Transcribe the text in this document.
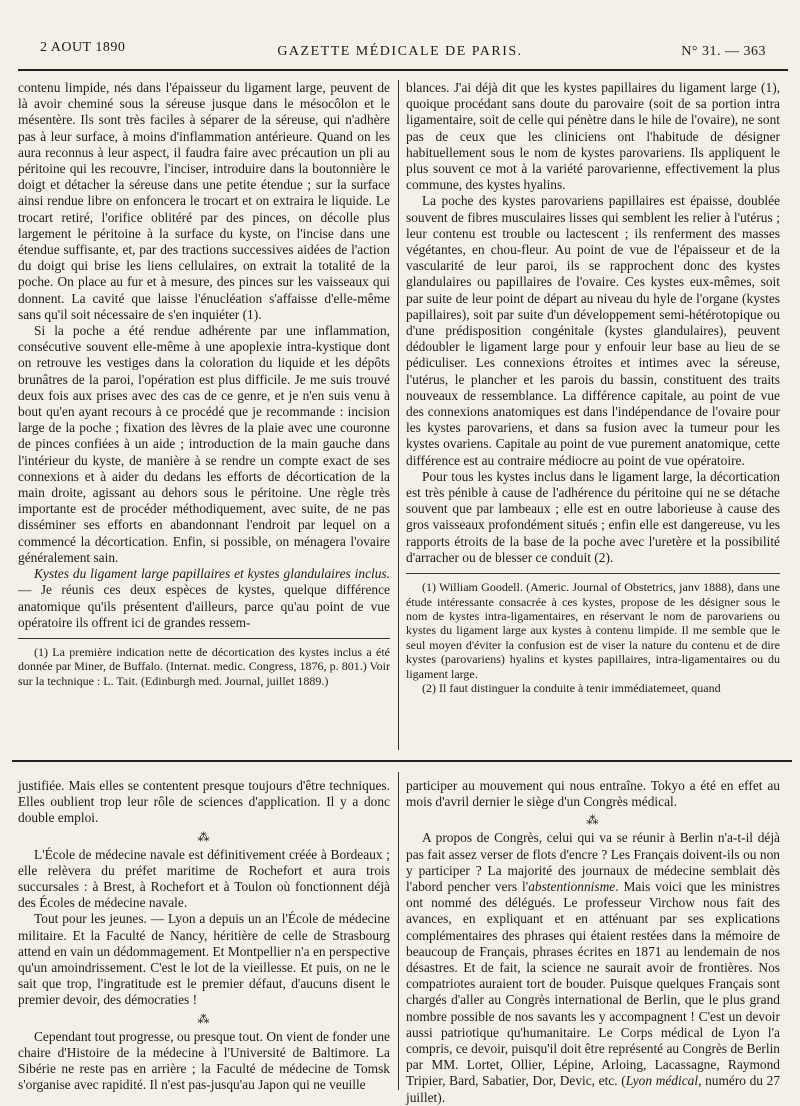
2 AOUT 1890	GAZETTE MÉDICALE DE PARIS.	N° 31. — 363

contenu limpide, nés dans l'épaisseur du ligament large, peuvent de là avoir cheminé sous la séreuse jusque dans le mésocôlon et le mésentère. Ils sont très faciles à séparer de la séreuse, qui n'adhère pas à leur surface, à moins d'inflammation antérieure. Quand on les aura reconnus à leur aspect, il faudra faire avec précaution un pli au péritoine qui les recouvre, l'inciser, introduire dans la boutonnière le doigt et détacher la séreuse dans une petite étendue ; sur la surface ainsi rendue libre on enfoncera le trocart et on extraira le liquide. Le trocart retiré, l'orifice oblitéré par des pinces, on décolle plus largement le péritoine à la surface du kyste, on l'incise dans une étendue suffisante, et, par des tractions successives aidées de l'action du doigt qui brise les liens cellulaires, on extrait la totalité de la poche. On place au fur et à mesure, des pinces sur les vaisseaux qui donnent. La cavité que laisse l'énucléation s'affaisse d'elle-même sans qu'il soit nécessaire de s'en inquiéter (1).

Si la poche a été rendue adhérente par une inflammation, consécutive souvent elle-même à une apoplexie intra-kystique dont on retrouve les vestiges dans la coloration du liquide et les dépôts brunâtres de la paroi, l'opération est plus difficile. Je me suis trouvé deux fois aux prises avec des cas de ce genre, et je n'en suis venu à bout qu'en ayant recours à ce procédé que je recommande : incision large de la poche ; fixation des lèvres de la plaie avec une couronne de pinces confiées à un aide ; introduction de la main gauche dans l'intérieur du kyste, de manière à se rendre un compte exact de ses connexions et à aider du dedans les efforts de décortication de la main droite, agissant au dehors sous le péritoine. Une règle très importante est de procéder méthodiquement, avec suite, de ne pas disséminer ses efforts en abandonnant l'endroit par lequel on a commencé la décortication. Enfin, si possible, on ménagera l'ovaire généralement sain.

Kystes du ligament large papillaires et kystes glandulaires inclus. — Je réunis ces deux espèces de kystes, quelque différence anatomique qu'ils présentent d'ailleurs, parce qu'au point de vue opératoire ils offrent ici de grandes ressem-

(1) La première indication nette de décortication des kystes inclus a été donnée par Miner, de Buffalo. (Internat. medic. Congress, 1876, p. 801.) Voir sur la technique : L. Tait. (Edinburgh med. Journal, juillet 1889.)

blances. J'ai déjà dit que les kystes papillaires du ligament large (1), quoique procédant sans doute du parovaire (soit de sa portion intra ligamentaire, soit de celle qui pénètre dans le hile de l'ovaire), ne sont pas de ceux que les cliniciens ont l'habitude de désigner habituellement sous le nom de kystes parovariens. Ils appliquent le plus souvent ce mot à la variété parovarienne, effectivement la plus commune, des kystes hyalins.

La poche des kystes parovariens papillaires est épaisse, doublée souvent de fibres musculaires lisses qui semblent les relier à l'utérus ; leur contenu est trouble ou lactescent ; ils renferment des masses végétantes, en chou-fleur. Au point de vue de l'épaisseur et de la vascularité de leur paroi, ils se rapprochent donc des kystes glandulaires ou papillaires de l'ovaire. Ces kystes eux-mêmes, soit par suite de leur point de départ au niveau du hyle de l'organe (kystes papillaires), soit par suite d'un développement semi-hétérotopique ou d'une prédisposition congénitale (kystes glandulaires), peuvent dédoubler le ligament large pour y enfouir leur base au lieu de se pédiculiser. Les connexions étroites et intimes avec la séreuse, l'utérus, le plancher et les parois du bassin, constituent des traits nouveaux de ressemblance. La différence capitale, au point de vue des connexions anatomiques est dans l'indépendance de l'ovaire pour les kystes parovariens, et dans sa fusion avec la tumeur pour les kystes ovariens. Capitale au point de vue purement anatomique, cette différence est au contraire médiocre au point de vue opératoire.

Pour tous les kystes inclus dans le ligament large, la décortication est très pénible à cause de l'adhérence du péritoine qui ne se détache souvent que par lambeaux ; elle est en outre laborieuse à cause des gros vaisseaux profondément situés ; enfin elle est dangereuse, vu les rapports étroits de la base de la poche avec l'uretère et la possibilité d'arracher ou de blesser ce conduit (2).

(1) William Goodell. (Americ. Journal of Obstetrics, janv 1888), dans une étude intéressante consacrée à ces kystes, propose de les désigner sous le nom de kystes intra-ligamentaires, en réservant le nom de parovariens ou kystes du ligament large aux kystes à contenu limpide. Il me semble que le seul moyen d'éviter la confusion est de viser la nature du contenu et de dire kystes (parovariens) hyalins et kystes papillaires, intra-ligamentaires ou du ligament large.

(2) Il faut distinguer la conduite à tenir immédiatemeet, quand

justifiée. Mais elles se contentent presque toujours d'être techniques. Elles oublient trop leur rôle de sciences d'application. Il y a donc double emploi.

⁂

L'École de médecine navale est définitivement créée à Bordeaux ; elle relèvera du préfet maritime de Rochefort et aura trois succursales : à Brest, à Rochefort et à Toulon où fonctionnent déjà des Écoles de médecine navale.

Tout pour les jeunes. — Lyon a depuis un an l'École de médecine militaire. Et la Faculté de Nancy, héritière de celle de Strasbourg attend en vain un dédommagement. Et Montpellier n'a en perspective qu'un amoindrissement. C'est le lot de la vieillesse. Et puis, on ne le sait que trop, l'ingratitude est le premier défaut, d'aucuns disent le premier devoir, des démocraties !

⁂

Cependant tout progresse, ou presque tout. On vient de fonder une chaire d'Histoire de la médecine à l'Université de Baltimore. La Sibérie ne reste pas en arrière ; la Faculté de médecine de Tomsk s'organise avec rapidité. Il n'est pas-jusqu'au Japon qui ne veuille

participer au mouvement qui nous entraîne. Tokyo a été en effet au mois d'avril dernier le siège d'un Congrès médical.

⁂

A propos de Congrès, celui qui va se réunir à Berlin n'a-t-il déjà pas fait assez verser de flots d'encre ? Les Français doivent-ils ou non y participer ? La majorité des journaux de médecine semblait dès l'abord pencher vers l'abstentionnisme. Mais voici que les ministres ont nommé des délégués. Le professeur Virchow nous fait des avances, en expliquant et en atténuant par ses explications complémentaires des phrases qui étaient restées dans la mémoire de beaucoup de Français, phrases écrites en 1871 au lendemain de nos désastres. Et de fait, la science ne saurait avoir de frontières. Nos compatriotes auraient tort de bouder. Puisque quelques Français sont chargés d'aller au Congrès international de Berlin, que le plus grand nombre possible de nos savants les y accompagnent ! C'est un devoir aussi patriotique qu'humanitaire. Le Corps médical de Lyon l'a compris, ce devoir, puisqu'il doit être représenté au Congrès de Berlin par MM. Lortet, Ollier, Lépine, Arloing, Lacassagne, Raymond Tripier, Bard, Sabatier, Dor, Devic, etc. (Lyon médical, numéro du 27 juillet).
